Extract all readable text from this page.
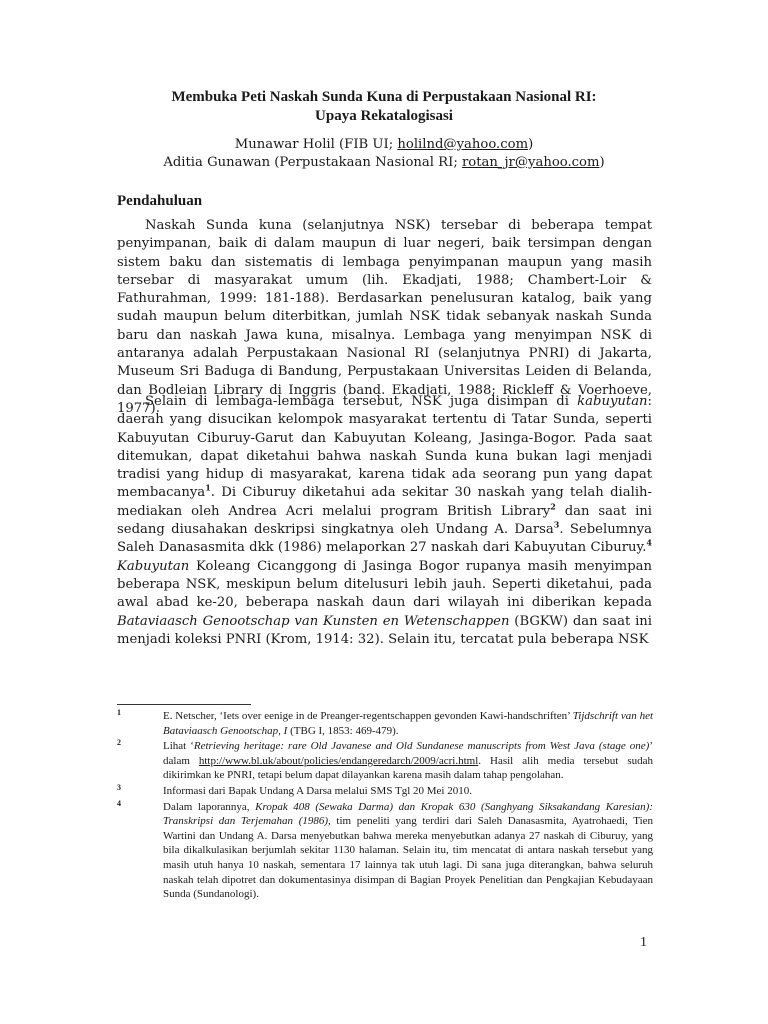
Membuka Peti Naskah Sunda Kuna di Perpustakaan Nasional RI:
Upaya Rekatalogisasi
Munawar Holil (FIB UI; holilnd@yahoo.com)
Aditia Gunawan (Perpustakaan Nasional RI; rotan_jr@yahoo.com)
Pendahuluan

Naskah Sunda kuna (selanjutnya NSK) tersebar di beberapa tempat penyimpanan, baik di dalam maupun di luar negeri, baik tersimpan dengan sistem baku dan sistematis di lembaga penyimpanan maupun yang masih tersebar di masyarakat umum (lih. Ekadjati, 1988; Chambert-Loir & Fathurahman, 1999: 181-188). Berdasarkan penelusuran katalog, baik yang sudah maupun belum diterbitkan, jumlah NSK tidak sebanyak naskah Sunda baru dan naskah Jawa kuna, misalnya. Lembaga yang menyimpan NSK di antaranya adalah Perpustakaan Nasional RI (selanjutnya PNRI) di Jakarta, Museum Sri Baduga di Bandung, Perpustakaan Universitas Leiden di Belanda, dan Bodleian Library di Inggris (band. Ekadjati, 1988; Rickleff & Voerhoeve, 1977).

Selain di lembaga-lembaga tersebut, NSK juga disimpan di kabuyutan: daerah yang disucikan kelompok masyarakat tertentu di Tatar Sunda, seperti Kabuyutan Ciburuy-Garut dan Kabuyutan Koleang, Jasinga-Bogor. Pada saat ditemukan, dapat diketahui bahwa naskah Sunda kuna bukan lagi menjadi tradisi yang hidup di masyarakat, karena tidak ada seorang pun yang dapat membacanya$^1$. Di Ciburuy diketahui ada sekitar 30 naskah yang telah dialih-mediakan oleh Andrea Acri melalui program British Library$^2$ dan saat ini sedang diusahakan deskripsi singkatnya oleh Undang A. Darsa$^3$. Sebelumnya Saleh Danasasmita dkk (1986) melaporkan 27 naskah dari Kabuyutan Ciburuy.$^4$ Kabuyutan Koleang Cicanggong di Jasinga Bogor rupanya masih menyimpan beberapa NSK, meskipun belum ditelusuri lebih jauh. Seperti diketahui, pada awal abad ke-20, beberapa naskah daun dari wilayah ini diberikan kepada Bataviaasch Genootschap van Kunsten en Wetenschappen (BGKW) dan saat ini menjadi koleksi PNRI (Krom, 1914: 32). Selain itu, tercatat pula beberapa NSK

1	E. Netscher, ‘Iets over eenige in de Preanger-regentschappen gevonden Kawi-handschriften’ Tijdschrift van het Bataviaasch Genootschap, I (TBG I, 1853: 469-479).
2	Lihat ‘Retrieving heritage: rare Old Javanese and Old Sundanese manuscripts from West Java (stage one)’ dalam http://www.bl.uk/about/policies/endangeredarch/2009/acri.html. Hasil alih media tersebut sudah dikirimkan ke PNRI, tetapi belum dapat dilayankan karena masih dalam tahap pengolahan.
3	Informasi dari Bapak Undang A Darsa melalui SMS Tgl 20 Mei 2010.
4	Dalam laporannya, Kropak 408 (Sewaka Darma) dan Kropak 630 (Sanghyang Siksakandang Karesian): Transkripsi dan Terjemahan (1986), tim peneliti yang terdiri dari Saleh Danasasmita, Ayatrohaedi, Tien Wartini dan Undang A. Darsa menyebutkan bahwa mereka menyebutkan adanya 27 naskah di Ciburuy, yang bila dikalkulasikan berjumlah sekitar 1130 halaman. Selain itu, tim mencatat di antara naskah tersebut yang masih utuh hanya 10 naskah, sementara 17 lainnya tak utuh lagi. Di sana juga diterangkan, bahwa seluruh naskah telah dipotret dan dokumentasinya disimpan di Bagian Proyek Penelitian dan Pengkajian Kebudayaan Sunda (Sundanologi).
1
